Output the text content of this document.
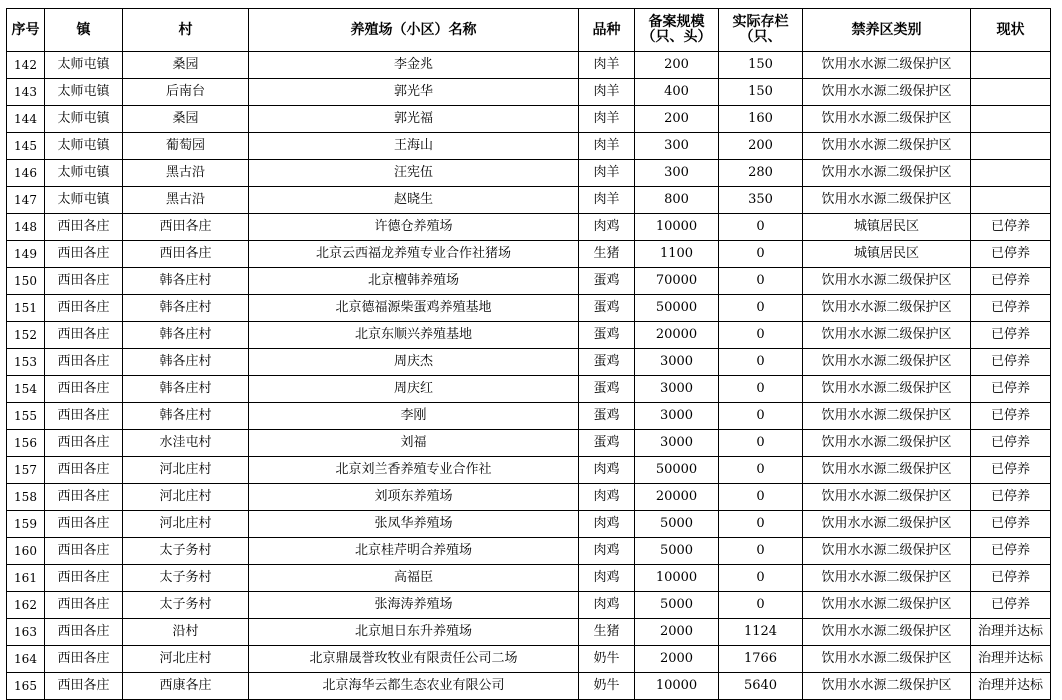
序号	镇	村	养殖场（小区）名称	品种	备案规模（只、头）	实际存栏（只、	禁养区类别	现状
142	太师屯镇	桑园	李金兆	肉羊	200	150	饮用水水源二级保护区	
143	太师屯镇	后南台	郭光华	肉羊	400	150	饮用水水源二级保护区	
144	太师屯镇	桑园	郭光福	肉羊	200	160	饮用水水源二级保护区	
145	太师屯镇	葡萄园	王海山	肉羊	300	200	饮用水水源二级保护区	
146	太师屯镇	黑古沿	汪宪伍	肉羊	300	280	饮用水水源二级保护区	
147	太师屯镇	黑古沿	赵晓生	肉羊	800	350	饮用水水源二级保护区	
148	西田各庄	西田各庄	许德仓养殖场	肉鸡	10000	0	城镇居民区	已停养
149	西田各庄	西田各庄	北京云西福龙养殖专业合作社猪场	生猪	1100	0	城镇居民区	已停养
150	西田各庄	韩各庄村	北京檀韩养殖场	蛋鸡	70000	0	饮用水水源二级保护区	已停养
151	西田各庄	韩各庄村	北京德福源柴蛋鸡养殖基地	蛋鸡	50000	0	饮用水水源二级保护区	已停养
152	西田各庄	韩各庄村	北京东顺兴养殖基地	蛋鸡	20000	0	饮用水水源二级保护区	已停养
153	西田各庄	韩各庄村	周庆杰	蛋鸡	3000	0	饮用水水源二级保护区	已停养
154	西田各庄	韩各庄村	周庆红	蛋鸡	3000	0	饮用水水源二级保护区	已停养
155	西田各庄	韩各庄村	李刚	蛋鸡	3000	0	饮用水水源二级保护区	已停养
156	西田各庄	水洼屯村	刘福	蛋鸡	3000	0	饮用水水源二级保护区	已停养
157	西田各庄	河北庄村	北京刘兰香养殖专业合作社	肉鸡	50000	0	饮用水水源二级保护区	已停养
158	西田各庄	河北庄村	刘项东养殖场	肉鸡	20000	0	饮用水水源二级保护区	已停养
159	西田各庄	河北庄村	张凤华养殖场	肉鸡	5000	0	饮用水水源二级保护区	已停养
160	西田各庄	太子务村	北京桂芹明合养殖场	肉鸡	5000	0	饮用水水源二级保护区	已停养
161	西田各庄	太子务村	高福臣	肉鸡	10000	0	饮用水水源二级保护区	已停养
162	西田各庄	太子务村	张海涛养殖场	肉鸡	5000	0	饮用水水源二级保护区	已停养
163	西田各庄	沿村	北京旭日东升养殖场	生猪	2000	1124	饮用水水源二级保护区	治理并达标
164	西田各庄	河北庄村	北京鼎晟誉玫牧业有限责任公司二场	奶牛	2000	1766	饮用水水源二级保护区	治理并达标
165	西田各庄	西康各庄	北京海华云都生态农业有限公司	奶牛	10000	5640	饮用水水源二级保护区	治理并达标
